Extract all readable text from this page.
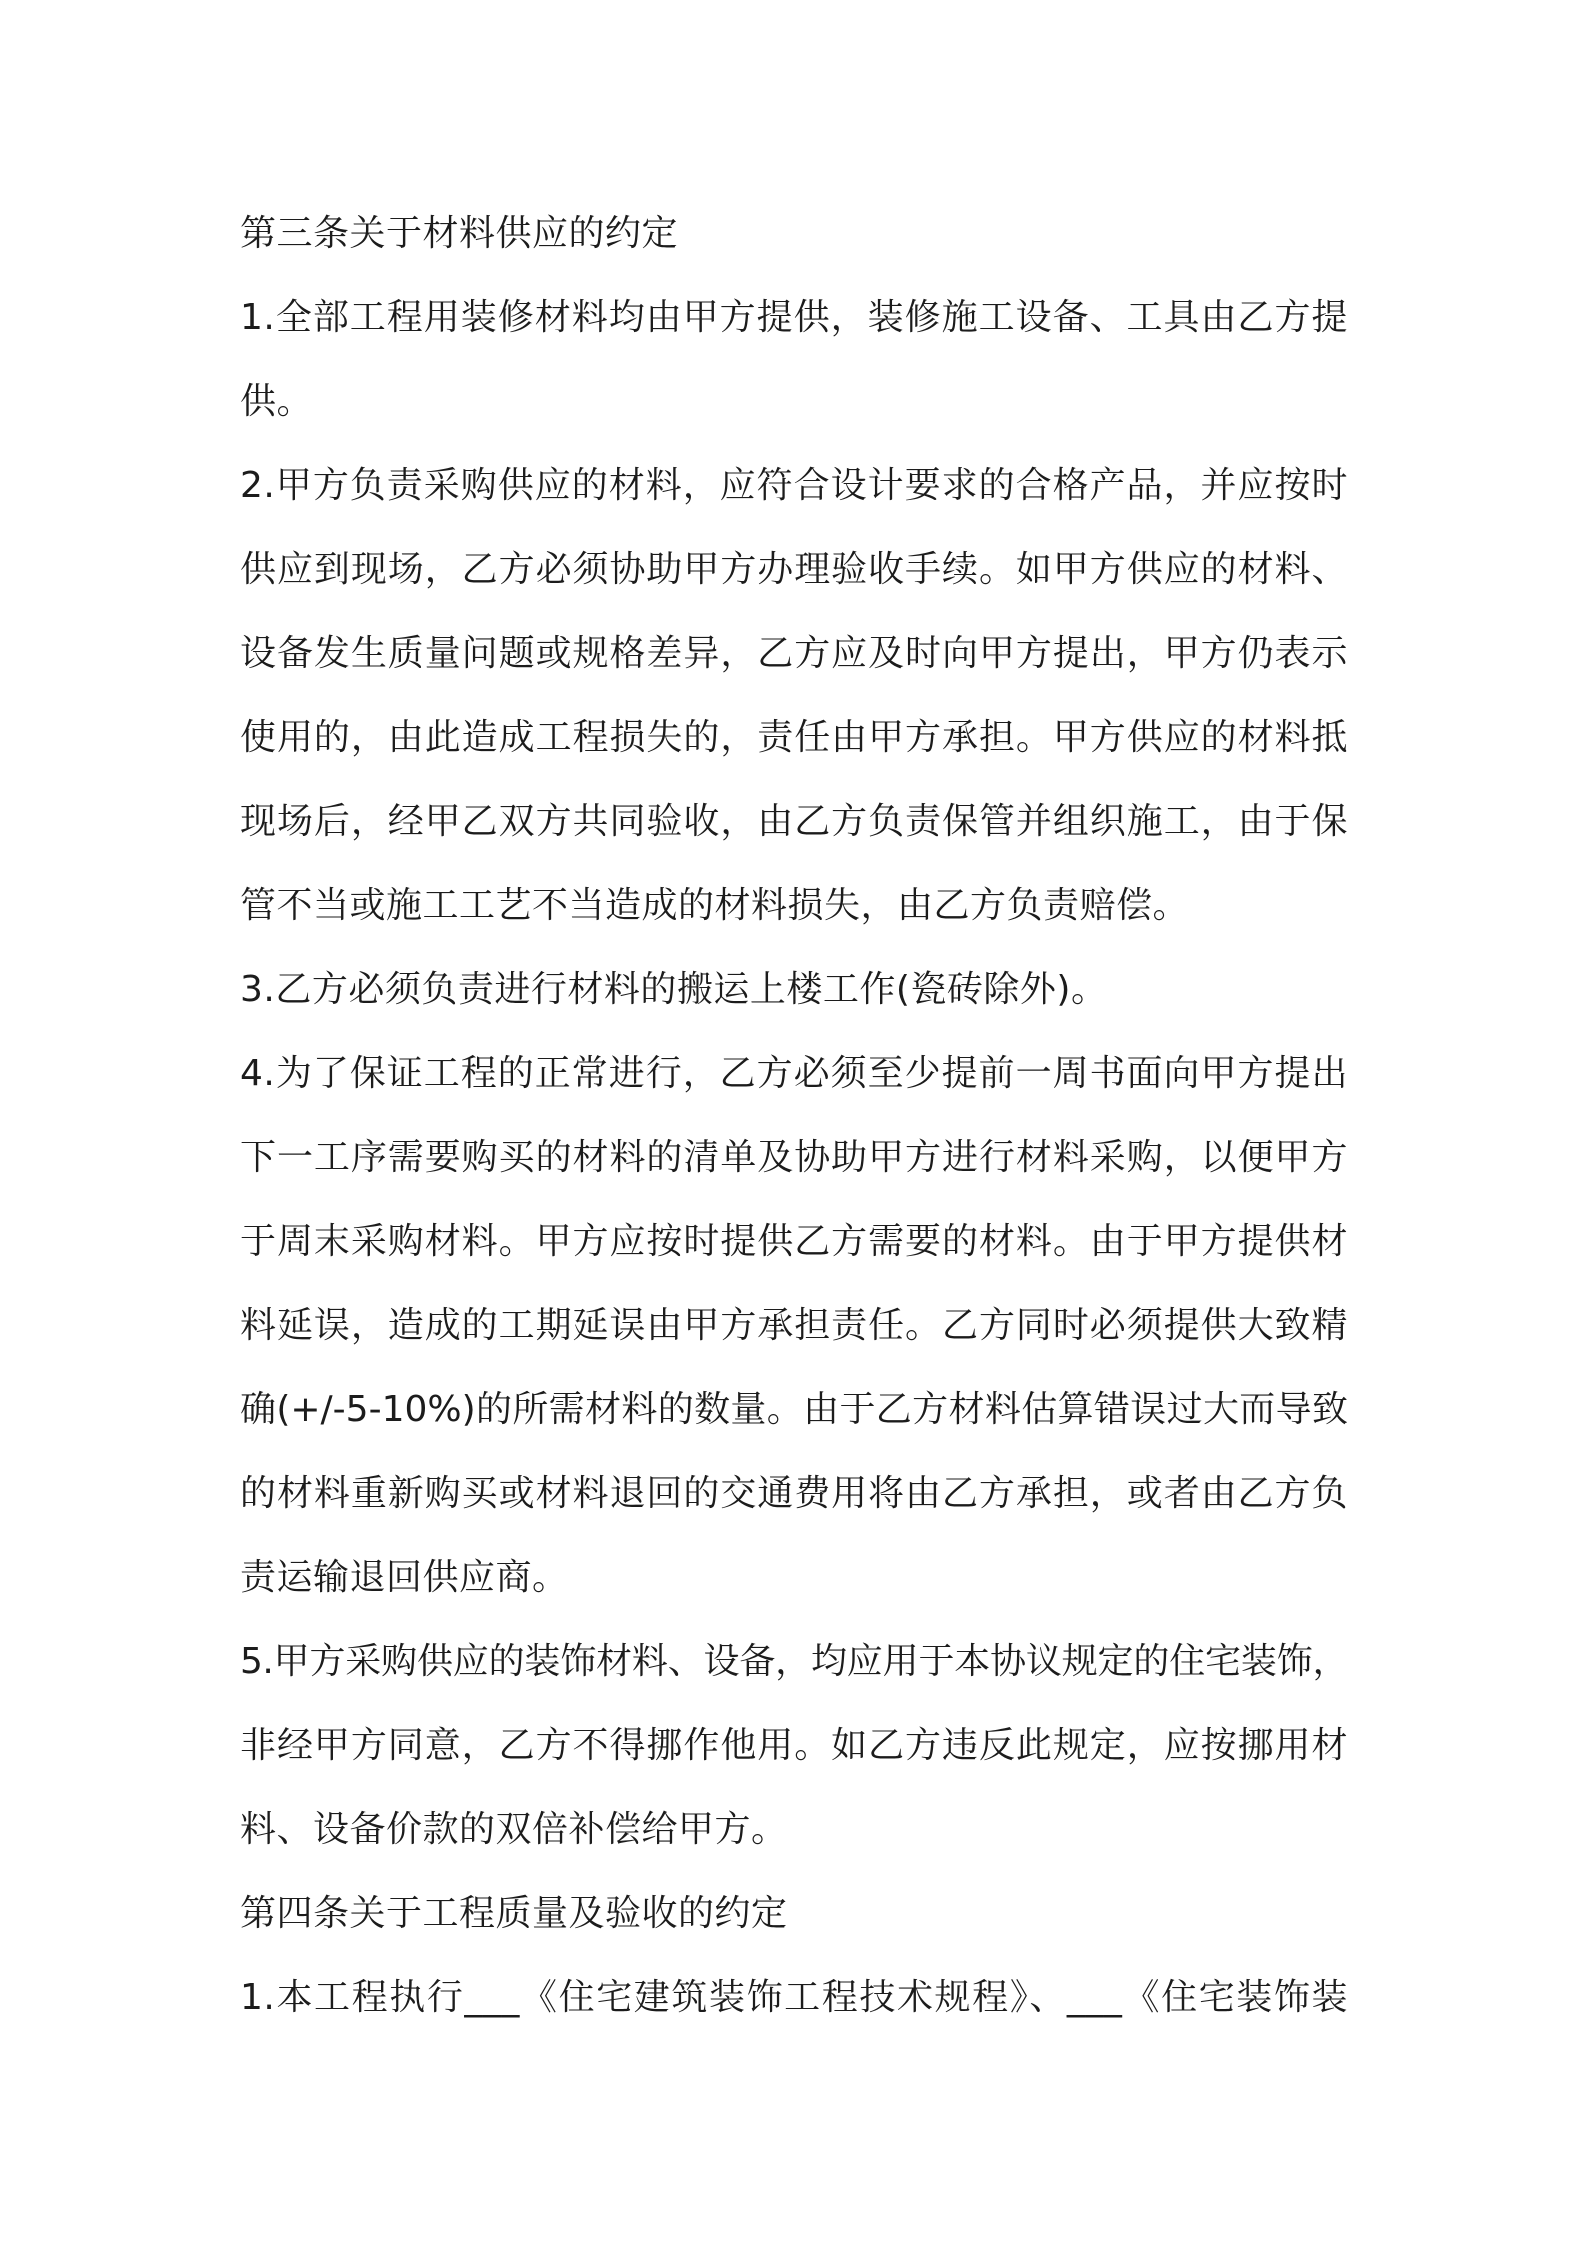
第三条关于材料供应的约定
1.全部工程用装修材料均由甲方提供，装修施工设备、工具由乙方提
供。
2.甲方负责采购供应的材料，应符合设计要求的合格产品，并应按时
供应到现场，乙方必须协助甲方办理验收手续。如甲方供应的材料、
设备发生质量问题或规格差异，乙方应及时向甲方提出，甲方仍表示
使用的，由此造成工程损失的，责任由甲方承担。甲方供应的材料抵
现场后，经甲乙双方共同验收，由乙方负责保管并组织施工，由于保
管不当或施工工艺不当造成的材料损失，由乙方负责赔偿。
3.乙方必须负责进行材料的搬运上楼工作(瓷砖除外)。
4.为了保证工程的正常进行，乙方必须至少提前一周书面向甲方提出
下一工序需要购买的材料的清单及协助甲方进行材料采购，以便甲方
于周末采购材料。甲方应按时提供乙方需要的材料。由于甲方提供材
料延误，造成的工期延误由甲方承担责任。乙方同时必须提供大致精
确(+/-5-10%)的所需材料的数量。由于乙方材料估算错误过大而导致
的材料重新购买或材料退回的交通费用将由乙方承担，或者由乙方负
责运输退回供应商。
5.甲方采购供应的装饰材料、设备，均应用于本协议规定的住宅装饰，
非经甲方同意，乙方不得挪作他用。如乙方违反此规定，应按挪用材
料、设备价款的双倍补偿给甲方。
第四条关于工程质量及验收的约定
1.本工程执行___《住宅建筑装饰工程技术规程》、___《住宅装饰装
